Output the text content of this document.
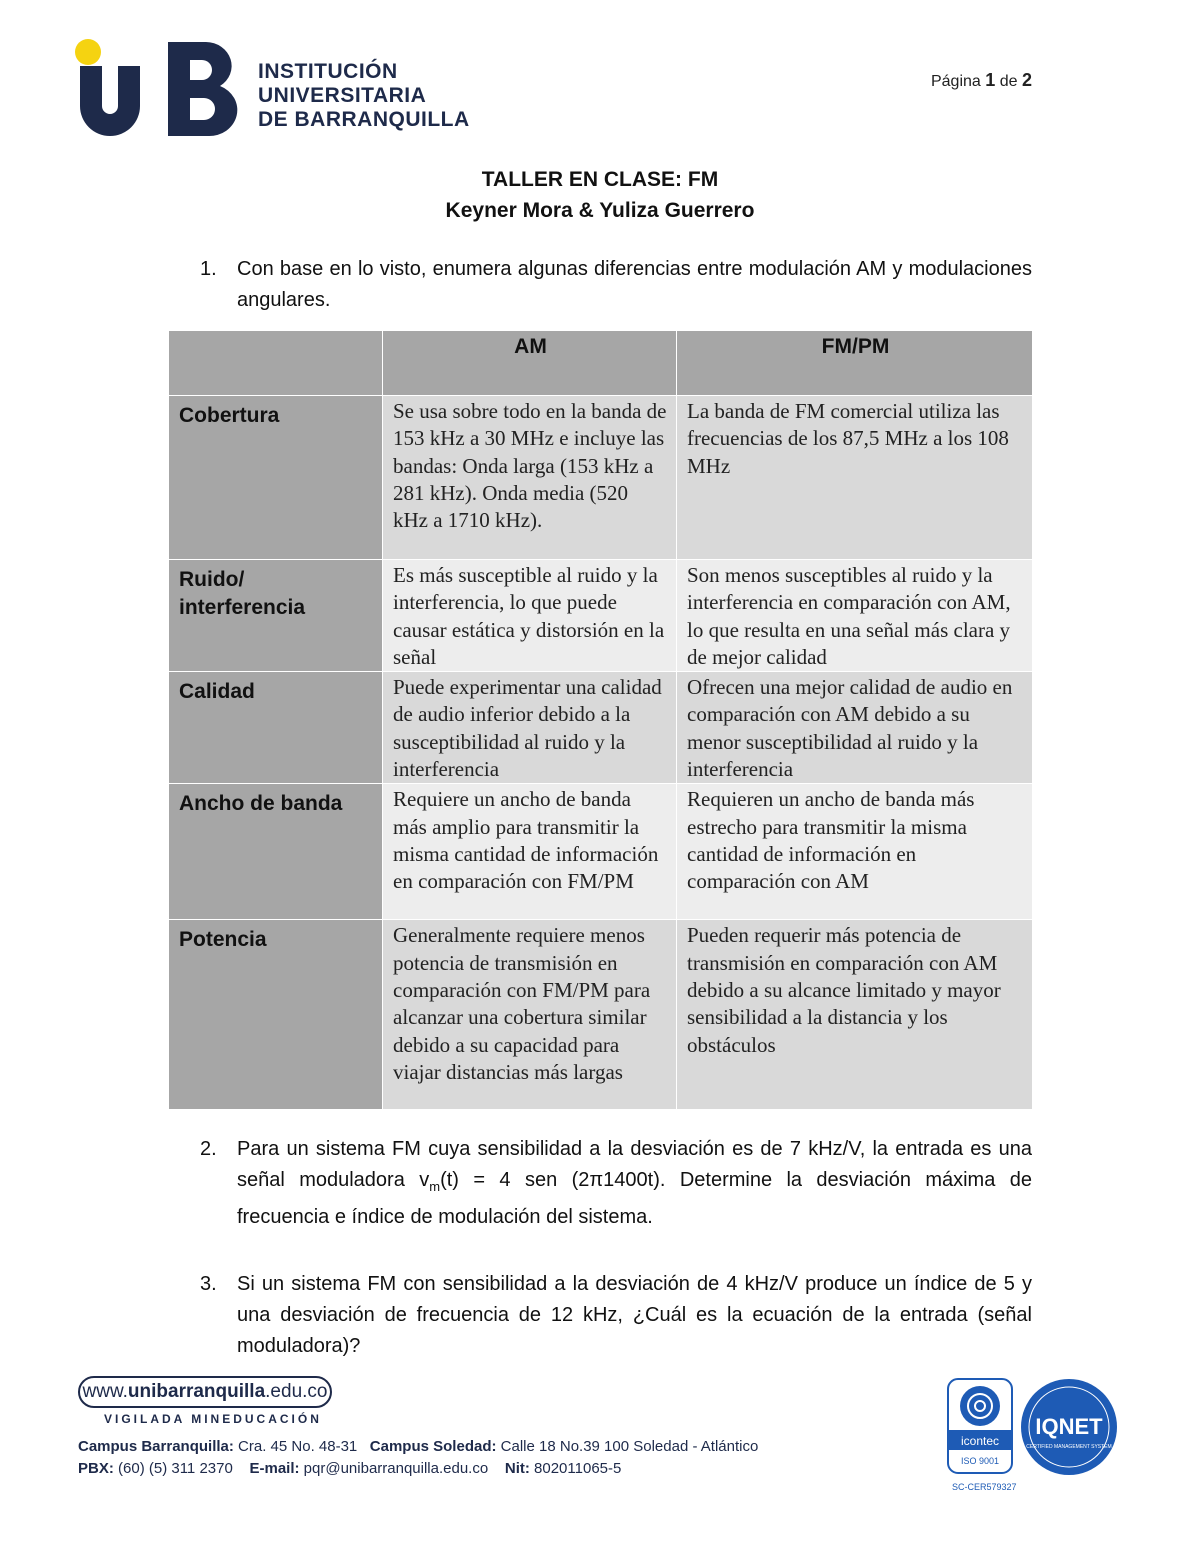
INSTITUCIÓN
UNIVERSITARIA
DE BARRANQUILLA
Página 1 de 2
TALLER EN CLASE: FM
Keyner Mora & Yuliza Guerrero
1. Con base en lo visto, enumera algunas diferencias entre modulación AM y modulaciones angulares.
	AM	FM/PM
Cobertura	Se usa sobre todo en la banda de 153 kHz a 30 MHz e incluye las bandas: Onda larga (153 kHz a 281 kHz). Onda media (520 kHz a 1710 kHz).	La banda de FM comercial utiliza las frecuencias de los 87,5 MHz a los 108 MHz
Ruido/ interferencia	Es más susceptible al ruido y la interferencia, lo que puede causar estática y distorsión en la señal	Son menos susceptibles al ruido y la interferencia en comparación con AM, lo que resulta en una señal más clara y de mejor calidad
Calidad	Puede experimentar una calidad de audio inferior debido a la susceptibilidad al ruido y la interferencia	Ofrecen una mejor calidad de audio en comparación con AM debido a su menor susceptibilidad al ruido y la interferencia
Ancho de banda	Requiere un ancho de banda más amplio para transmitir la misma cantidad de información en comparación con FM/PM	Requieren un ancho de banda más estrecho para transmitir la misma cantidad de información en comparación con AM
Potencia	Generalmente requiere menos potencia de transmisión en comparación con FM/PM para alcanzar una cobertura similar debido a su capacidad para viajar distancias más largas	Pueden requerir más potencia de transmisión en comparación con AM debido a su alcance limitado y mayor sensibilidad a la distancia y los obstáculos
2. Para un sistema FM cuya sensibilidad a la desviación es de 7 kHz/V, la entrada es una señal moduladora $v_m(t) = 4$ sen (2π1400t). Determine la desviación máxima de frecuencia e índice de modulación del sistema.
3. Si un sistema FM con sensibilidad a la desviación de 4 kHz/V produce un índice de 5 y una desviación de frecuencia de 12 kHz, ¿Cuál es la ecuación de la entrada (señal moduladora)?
www.unibarranquilla.edu.co
VIGILADA MINEDUCACIÓN
Campus Barranquilla: Cra. 45 No. 48-31 Campus Soledad: Calle 18 No.39 100 Soledad - Atlántico
PBX: (60) (5) 311 2370 E-mail: pqr@unibarranquilla.edu.co Nit: 802011065-5
icontec
ISO 9001
SC-CER579327
IQNET
CERTIFIED MANAGEMENT SYSTEM
